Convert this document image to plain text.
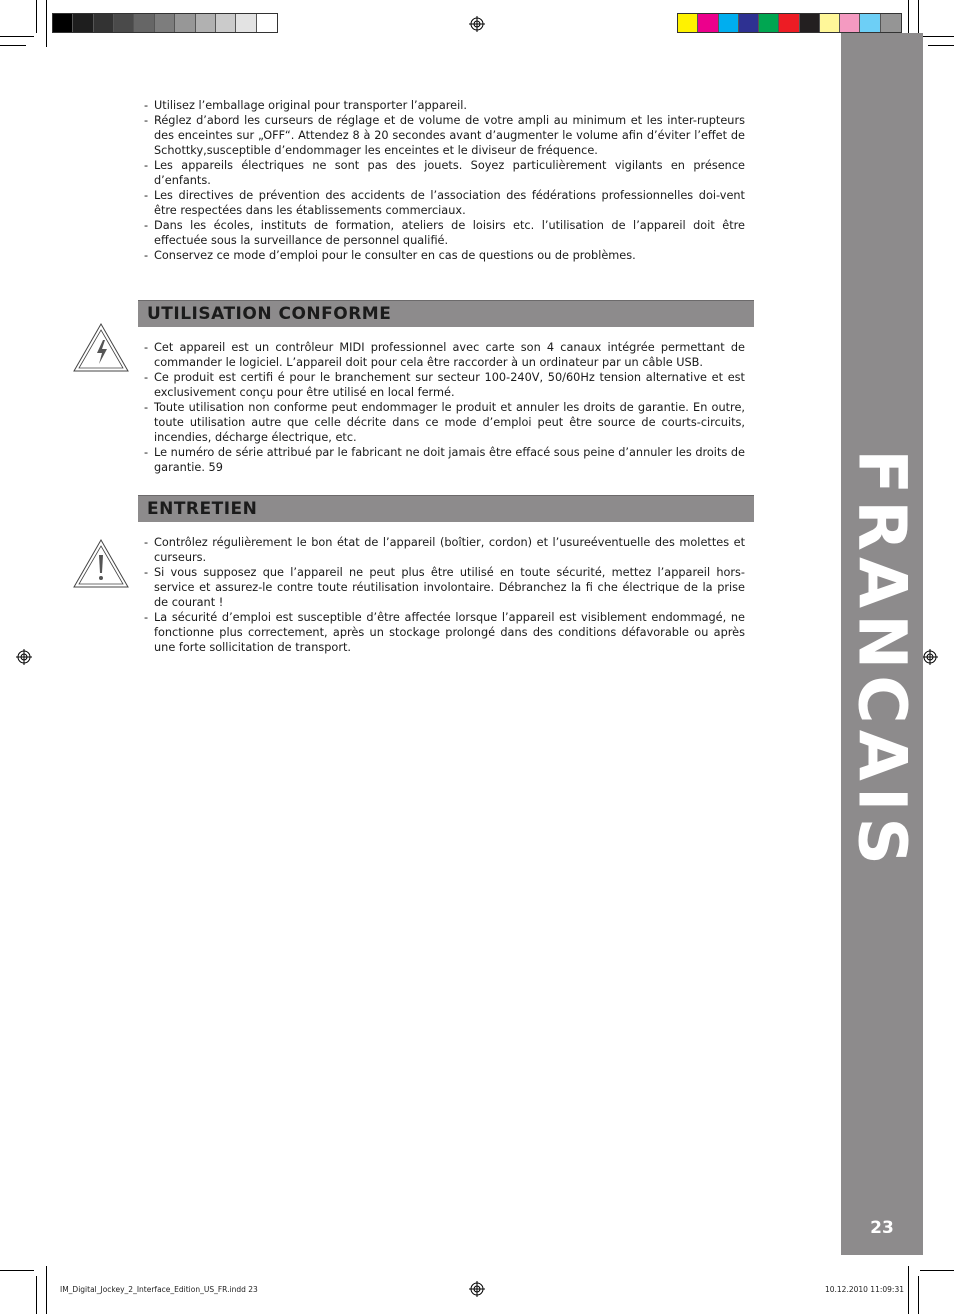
FRANCAIS
23
- Utilisez l’emballage original pour transporter l’appareil.
- Réglez d’abord les curseurs de réglage et de volume de votre ampli au minimum et les inter-rupteurs des enceintes sur „OFF“. Attendez 8 à 20 secondes avant d’augmenter le volume afin d’éviter l’effet de Schottky,susceptible d’endommager les enceintes et le diviseur de fréquence.
- Les appareils électriques ne sont pas des jouets. Soyez particulièrement vigilants en présence d’enfants.
- Les directives de prévention des accidents de l’association des fédérations professionnelles doi-vent être respectées dans les établissements commerciaux.
- Dans les écoles, instituts de formation, ateliers de loisirs etc. l’utilisation de l’appareil doit être effectuée sous la surveillance de personnel qualifié.
- Conservez ce mode d’emploi pour le consulter en cas de questions ou de problèmes.
UTILISATION CONFORME
- Cet appareil est un contrôleur MIDI professionnel avec carte son 4 canaux intégrée permettant de commander le logiciel. L’appareil doit pour cela être raccorder à un ordinateur par un câble USB.
- Ce produit est certifi é pour le branchement sur secteur 100-240V, 50/60Hz tension alternative et est exclusivement conçu pour être utilisé en local fermé.
- Toute utilisation non conforme peut endommager le produit et annuler les droits de garantie. En outre, toute utilisation autre que celle décrite dans ce mode d’emploi peut être source de courts-circuits, incendies, décharge électrique, etc.
- Le numéro de série attribué par le fabricant ne doit jamais être effacé sous peine d’annuler les droits de garantie. 59
ENTRETIEN
- Contrôlez régulièrement le bon état de l’appareil (boîtier, cordon) et l’usureéventuelle des molettes et curseurs.
- Si vous supposez que l’appareil ne peut plus être utilisé en toute sécurité, mettez l’appareil hors-service et assurez-le contre toute réutilisation involontaire. Débranchez la fi che électrique de la prise de courant !
- La sécurité d’emploi est susceptible d’être affectée lorsque l’appareil est visiblement endommagé, ne fonctionne plus correctement, après un stockage prolongé dans des conditions défavorable ou après une forte sollicitation de transport.
IM_Digital_Jockey_2_Interface_Edition_US_FR.indd 23	10.12.2010 11:09:31
